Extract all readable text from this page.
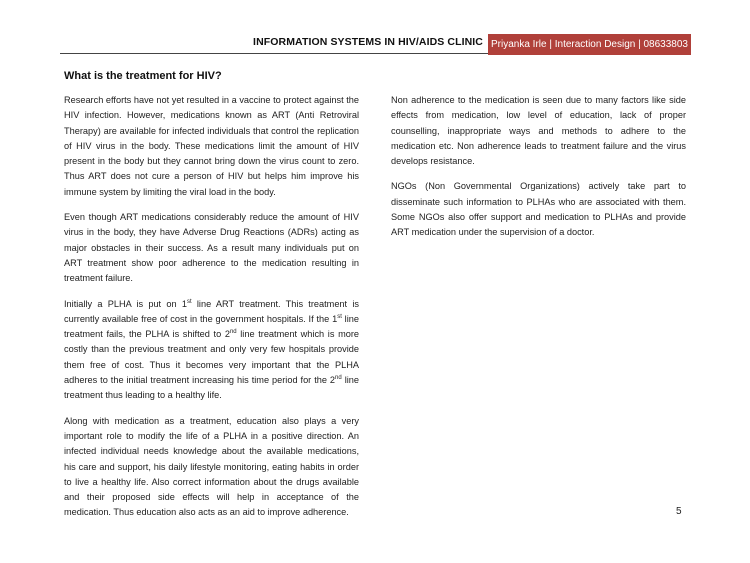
INFORMATION SYSTEMS IN HIV/AIDS CLINIC Priyanka Irle | Interaction Design | 08633803
What is the treatment for HIV?

Research efforts have not yet resulted in a vaccine to protect against the HIV infection. However, medications known as ART (Anti Retroviral Therapy) are available for infected individuals that control the replication of HIV virus in the body. These medications limit the amount of HIV present in the body but they cannot bring down the virus count to zero. Thus ART does not cure a person of HIV but helps him improve his immune system by limiting the viral load in the body.

Even though ART medications considerably reduce the amount of HIV virus in the body, they have Adverse Drug Reactions (ADRs) acting as major obstacles in their success. As a result many individuals put on ART treatment show poor adherence to the medication resulting in treatment failure.

Initially a PLHA is put on 1st line ART treatment. This treatment is currently available free of cost in the government hospitals. If the 1st line treatment fails, the PLHA is shifted to 2nd line treatment which is more costly than the previous treatment and only very few hospitals provide them free of cost. Thus it becomes very important that the PLHA adheres to the initial treatment increasing his time period for the 2nd line treatment thus leading to a healthy life.

Along with medication as a treatment, education also plays a very important role to modify the life of a PLHA in a positive direction. An infected individual needs knowledge about the available medications, his care and support, his daily lifestyle monitoring, eating habits in order to live a healthy life. Also correct information about the drugs available and their proposed side effects will help in acceptance of the medication. Thus education also acts as an aid to improve adherence.

Non adherence to the medication is seen due to many factors like side effects from medication, low level of education, lack of proper counselling, inappropriate ways and methods to adhere to the medication etc. Non adherence leads to treatment failure and the virus develops resistance.

NGOs (Non Governmental Organizations) actively take part to disseminate such information to PLHAs who are associated with them. Some NGOs also offer support and medication to PLHAs and provide ART medication under the supervision of a doctor.

5
